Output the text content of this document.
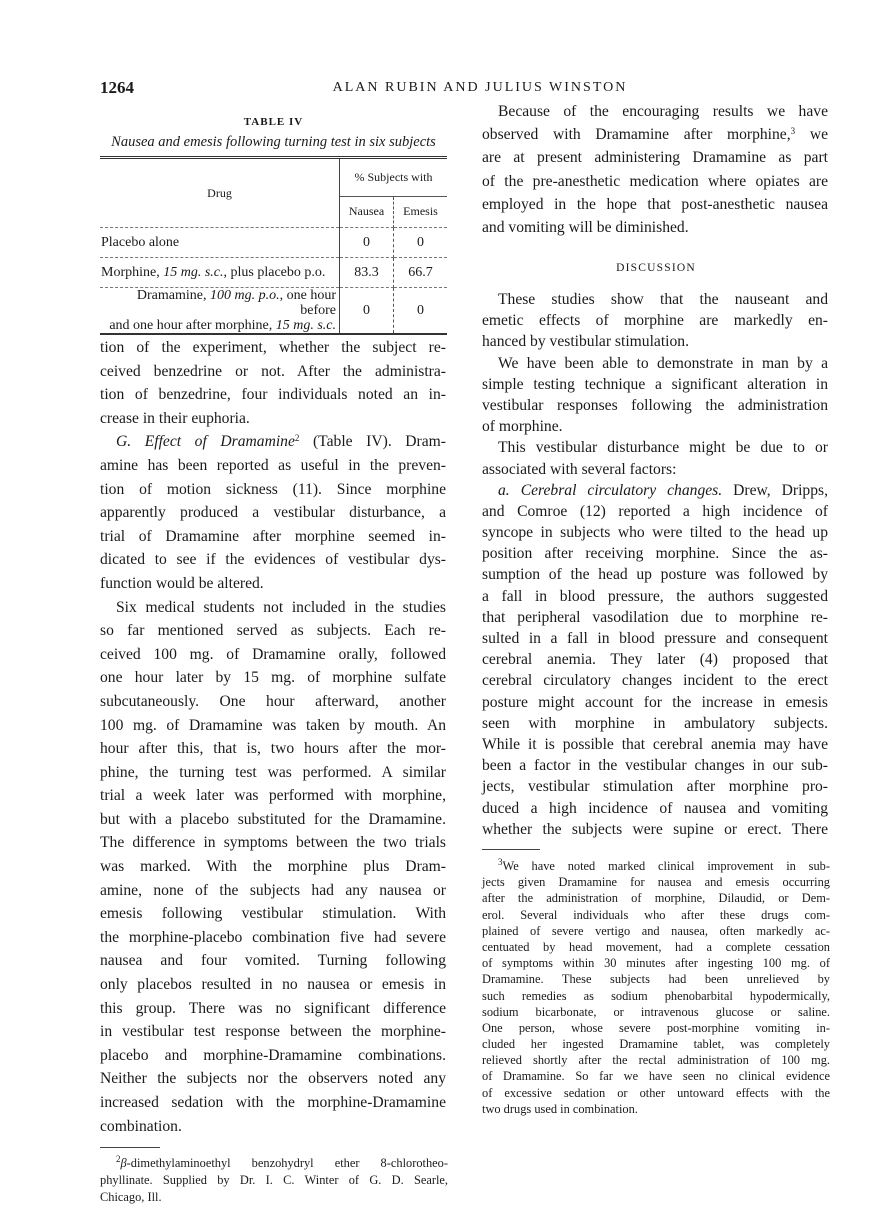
1264	ALAN RUBIN AND JULIUS WINSTON
TABLE IV
Nausea and emesis following turning test in six subjects
Drug	% Subjects with	
	Nausea	Emesis
Placebo alone	0	0
Morphine, 15 mg. s.c., plus placebo p.o.	83.3	66.7
Dramamine, 100 mg. p.o., one hour before
and one hour after morphine, 15 mg. s.c.	0	0
tion of the experiment, whether the subject re-
ceived benzedrine or not. After the administra-
tion of benzedrine, four individuals noted an in-
crease in their euphoria.
G. Effect of Dramamine$^2$ (Table IV). Dram-
amine has been reported as useful in the preven-
tion of motion sickness (11). Since morphine
apparently produced a vestibular disturbance, a
trial of Dramamine after morphine seemed in-
dicated to see if the evidences of vestibular dys-
function would be altered.
Six medical students not included in the studies
so far mentioned served as subjects. Each re-
ceived 100 mg. of Dramamine orally, followed
one hour later by 15 mg. of morphine sulfate
subcutaneously. One hour afterward, another
100 mg. of Dramamine was taken by mouth. An
hour after this, that is, two hours after the mor-
phine, the turning test was performed. A similar
trial a week later was performed with morphine,
but with a placebo substituted for the Dramamine.
The difference in symptoms between the two trials
was marked. With the morphine plus Dram-
amine, none of the subjects had any nausea or
emesis following vestibular stimulation. With
the morphine-placebo combination five had severe
nausea and four vomited. Turning following
only placebos resulted in no nausea or emesis in
this group. There was no significant difference
in vestibular test response between the morphine-
placebo and morphine-Dramamine combinations.
Neither the subjects nor the observers noted any
increased sedation with the morphine-Dramamine
combination.
$^2$β-dimethylaminoethyl benzohydryl ether 8-chlorotheo-
phyllinate. Supplied by Dr. I. C. Winter of G. D. Searle,
Chicago, Ill.
Because of the encouraging results we have
observed with Dramamine after morphine,$^3$ we
are at present administering Dramamine as part
of the pre-anesthetic medication where opiates are
employed in the hope that post-anesthetic nausea
and vomiting will be diminished.
DISCUSSION
These studies show that the nauseant and
emetic effects of morphine are markedly en-
hanced by vestibular stimulation.
We have been able to demonstrate in man by a
simple testing technique a significant alteration in
vestibular responses following the administration
of morphine.
This vestibular disturbance might be due to or
associated with several factors:
a. Cerebral circulatory changes. Drew, Dripps,
and Comroe (12) reported a high incidence of
syncope in subjects who were tilted to the head up
position after receiving morphine. Since the as-
sumption of the head up posture was followed by
a fall in blood pressure, the authors suggested
that peripheral vasodilation due to morphine re-
sulted in a fall in blood pressure and consequent
cerebral anemia. They later (4) proposed that
cerebral circulatory changes incident to the erect
posture might account for the increase in emesis
seen with morphine in ambulatory subjects.
While it is possible that cerebral anemia may have
been a factor in the vestibular changes in our sub-
jects, vestibular stimulation after morphine pro-
duced a high incidence of nausea and vomiting
whether the subjects were supine or erect. There
$^3$We have noted marked clinical improvement in sub-
jects given Dramamine for nausea and emesis occurring
after the administration of morphine, Dilaudid, or Dem-
erol. Several individuals who after these drugs com-
plained of severe vertigo and nausea, often markedly ac-
centuated by head movement, had a complete cessation
of symptoms within 30 minutes after ingesting 100 mg. of
Dramamine. These subjects had been unrelieved by
such remedies as sodium phenobarbital hypodermically,
sodium bicarbonate, or intravenous glucose or saline.
One person, whose severe post-morphine vomiting in-
cluded her ingested Dramamine tablet, was completely
relieved shortly after the rectal administration of 100 mg.
of Dramamine. So far we have seen no clinical evidence
of excessive sedation or other untoward effects with the
two drugs used in combination.
